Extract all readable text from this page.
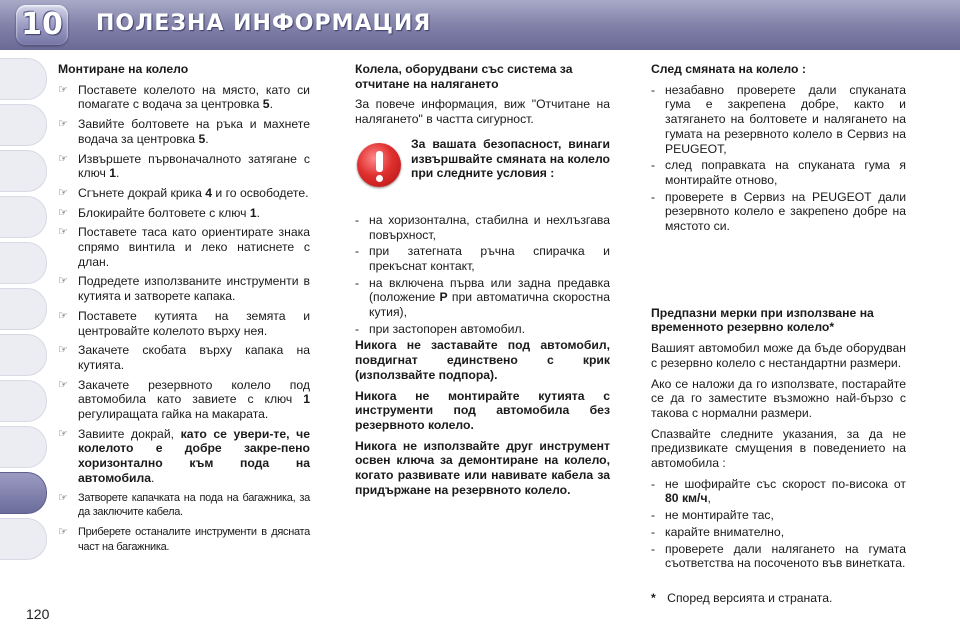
10 ПОЛЕЗНА ИНФОРМАЦИЯ

Монтиране на колело

☞ Поставете колелото на място, като си помагате с водача за центровка 5.
☞ Завийте болтовете на ръка и махнете водача за центровка 5.
☞ Извършете първоначалното затягане с ключ 1.
☞ Сгънете докрай крика 4 и го освободете.
☞ Блокирайте болтовете с ключ 1.
☞ Поставете таса като ориентирате знака спрямо винтила и леко натиснете с длан.
☞ Подредете използваните инструменти в кутията и затворете капака.
☞ Поставете кутията на земята и центровайте колелото върху нея.
☞ Закачете скобата върху капака на кутията.
☞ Закачете резервното колело под автомобила като завиете с ключ 1 регулиращата гайка на макарата.
☞ Завиите докрай, като се увери-те, че колелото е добре закре-пено хоризонтално към пода на автомобила.
☞ Затворете капачката на пода на багажника, за да заключите кабела.
☞ Приберете останалите инструменти в дясната част на багажника.

Колела, оборудвани със система за отчитане на налягането

За повече информация, виж "Отчитане на налягането" в частта сигурност.

За вашата безопасност, винаги извършвайте смяната на колело при следните условия :
- на хоризонтална, стабилна и нехлъзгава повърхност,
- при затегната ръчна спирачка и прекъснат контакт,
- на включена първа или задна предавка (положение P при автоматична скоростна кутия),
- при застопорен автомобил.

Никога не заставайте под автомобил, повдигнат единствено с крик (използвайте подпора).

Никога не монтирайте кутията с инструменти под автомобила без резервното колело.

Никога не използвайте друг инструмент освен ключа за демонтиране на колело, когато развивате или навивате кабела за придържане на резервното колело.

След смяната на колело :

- незабавно проверете дали спуканата гума е закрепена добре, както и затягането на болтовете и налягането на гумата на резервното колело в Сервиз на PEUGEOT,
- след поправката на спуканата гума я монтирайте отново,
- проверете в Сервиз на PEUGEOT дали резервното колело е закрепено добре на мястото си.

Предпазни мерки при използване на временното резервно колело*

Вашият автомобил може да бъде оборудван с резервно колело с нестандартни размери.

Ако се наложи да го използвате, постарайте се да го заместите възможно най-бързо с такова с нормални размери.

Спазвайте следните указания, за да не предизвикате смущения в поведението на автомобила :

- не шофирайте със скорост по-висока от 80 км/ч,
- не монтирайте тас,
- карайте внимателно,
- проверете дали налягането на гумата съответства на посоченото във винетката.
* Според версията и страната.
120
